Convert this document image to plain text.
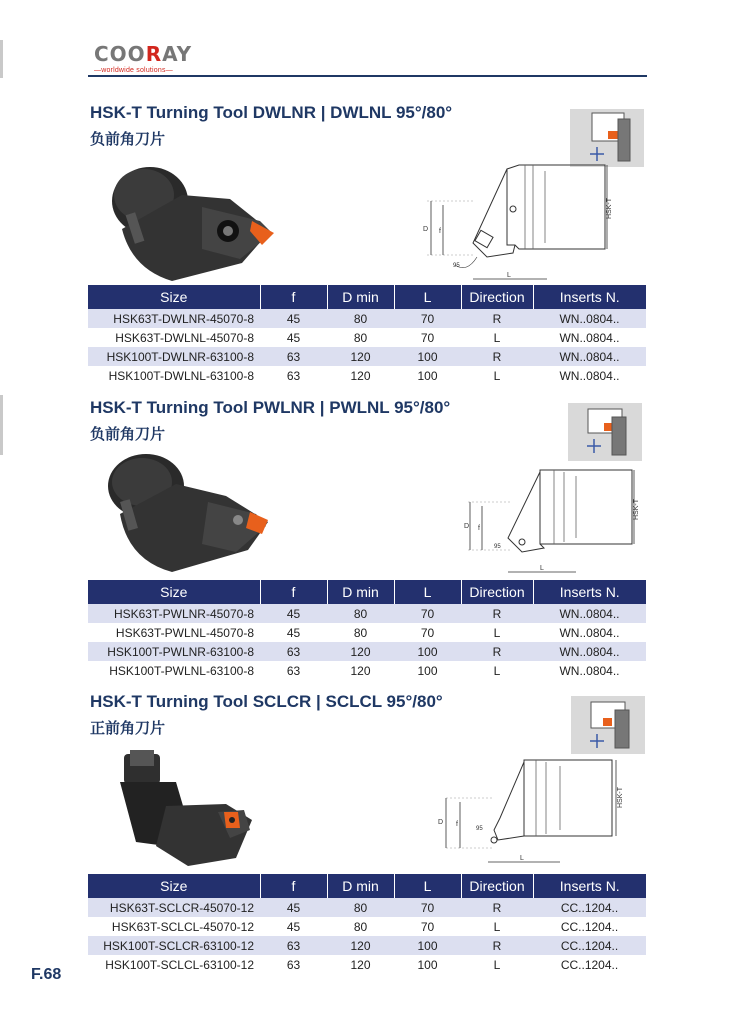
COORAY
—worldwide solutions—
HSK-T Turning Tool DWLNR | DWLNL 95°/80°
负前角刀片
D f
L
95
HSK-T
Size	f	D min	L	Direction	Inserts N.
HSK63T-DWLNR-45070-8	45	80	70	R	WN..0804..
HSK63T-DWLNL-45070-8	45	80	70	L	WN..0804..
HSK100T-DWLNR-63100-8	63	120	100	R	WN..0804..
HSK100T-DWLNL-63100-8	63	120	100	L	WN..0804..
HSK-T Turning Tool PWLNR | PWLNL 95°/80°
负前角刀片
D f
L
95
HSK-T
Size	f	D min	L	Direction	Inserts N.
HSK63T-PWLNR-45070-8	45	80	70	R	WN..0804..
HSK63T-PWLNL-45070-8	45	80	70	L	WN..0804..
HSK100T-PWLNR-63100-8	63	120	100	R	WN..0804..
HSK100T-PWLNL-63100-8	63	120	100	L	WN..0804..
HSK-T Turning Tool SCLCR | SCLCL 95°/80°
正前角刀片
D f
L
95
HSK-T
Size	f	D min	L	Direction	Inserts N.
HSK63T-SCLCR-45070-12	45	80	70	R	CC..1204..
HSK63T-SCLCL-45070-12	45	80	70	L	CC..1204..
HSK100T-SCLCR-63100-12	63	120	100	R	CC..1204..
HSK100T-SCLCL-63100-12	63	120	100	L	CC..1204..
F.68
